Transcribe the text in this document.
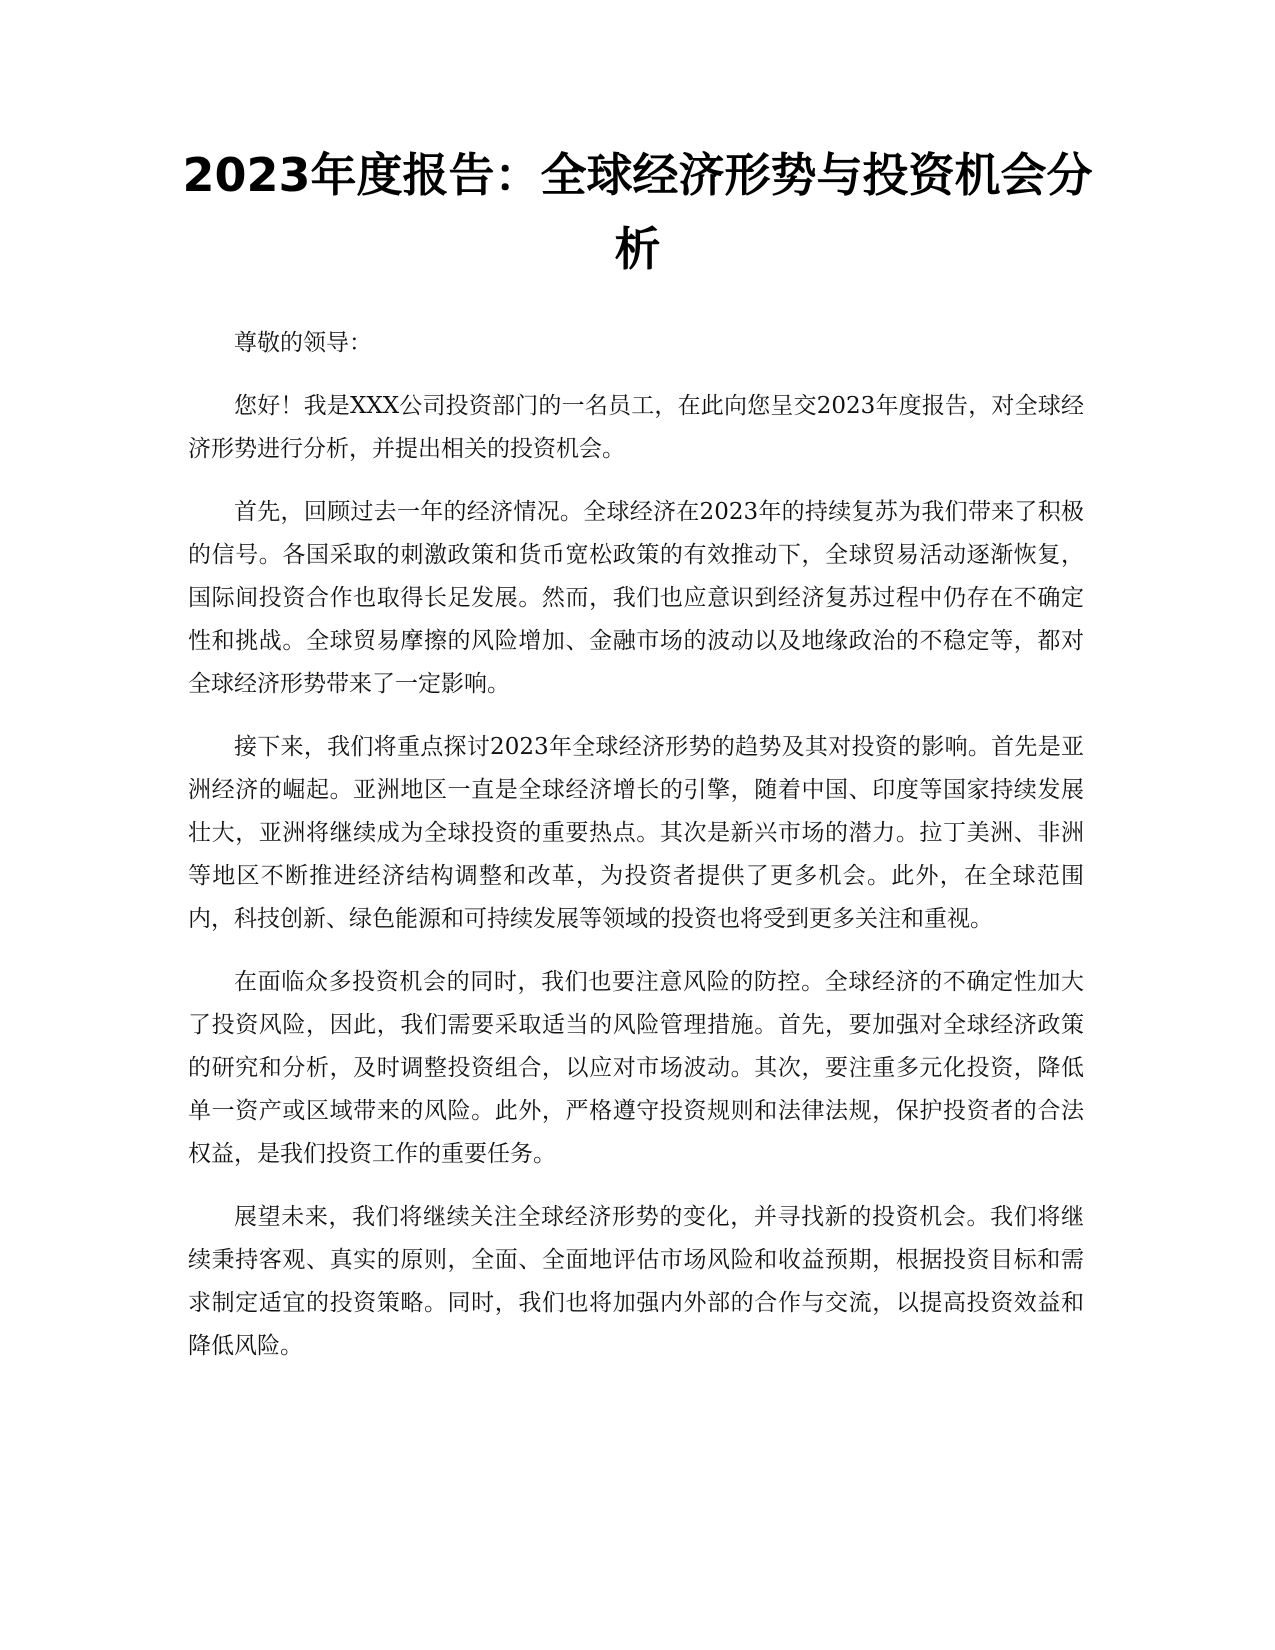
2023年度报告：全球经济形势与投资机会分析

尊敬的领导：

您好！我是XXX公司投资部门的一名员工，在此向您呈交2023年度报告，对全球经济形势进行分析，并提出相关的投资机会。

首先，回顾过去一年的经济情况。全球经济在2023年的持续复苏为我们带来了积极的信号。各国采取的刺激政策和货币宽松政策的有效推动下，全球贸易活动逐渐恢复，国际间投资合作也取得长足发展。然而，我们也应意识到经济复苏过程中仍存在不确定性和挑战。全球贸易摩擦的风险增加、金融市场的波动以及地缘政治的不稳定等，都对全球经济形势带来了一定影响。

接下来，我们将重点探讨2023年全球经济形势的趋势及其对投资的影响。首先是亚洲经济的崛起。亚洲地区一直是全球经济增长的引擎，随着中国、印度等国家持续发展壮大，亚洲将继续成为全球投资的重要热点。其次是新兴市场的潜力。拉丁美洲、非洲等地区不断推进经济结构调整和改革，为投资者提供了更多机会。此外，在全球范围内，科技创新、绿色能源和可持续发展等领域的投资也将受到更多关注和重视。

在面临众多投资机会的同时，我们也要注意风险的防控。全球经济的不确定性加大了投资风险，因此，我们需要采取适当的风险管理措施。首先，要加强对全球经济政策的研究和分析，及时调整投资组合，以应对市场波动。其次，要注重多元化投资，降低单一资产或区域带来的风险。此外，严格遵守投资规则和法律法规，保护投资者的合法权益，是我们投资工作的重要任务。

展望未来，我们将继续关注全球经济形势的变化，并寻找新的投资机会。我们将继续秉持客观、真实的原则，全面、全面地评估市场风险和收益预期，根据投资目标和需求制定适宜的投资策略。同时，我们也将加强内外部的合作与交流，以提高投资效益和降低风险。
